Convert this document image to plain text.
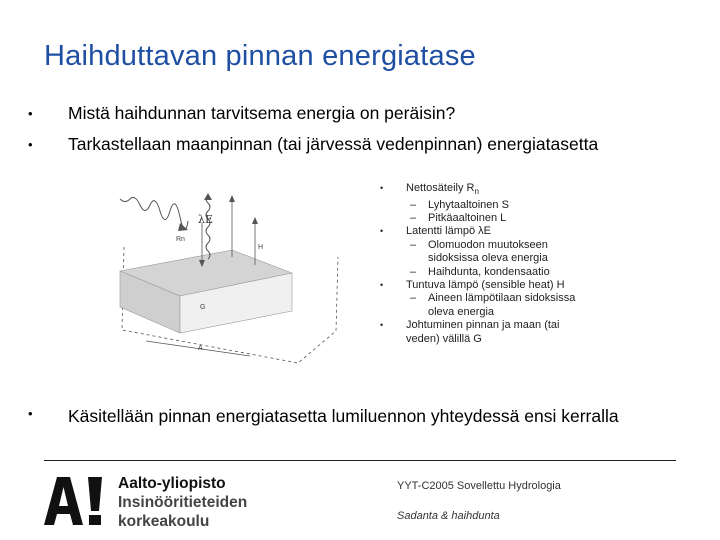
Haihduttavan pinnan energiatase
•	Mistä haihdunnan tarvitsema energia on peräisin?
•	Tarkastellaan maanpinnan (tai järvessä vedenpinnan) energiatasetta
λE
Rn
H
G
A
• Nettosäteily $R_n$
– Lyhytaaltoinen S
– Pitkäaaltoinen L
• Latentti lämpö λE
– Olomuodon muutokseen sidoksissa oleva energia
– Haihdunta, kondensaatio
• Tuntuva lämpö (sensible heat) H
– Aineen lämpötilaan sidoksissa oleva energia
• Johtuminen pinnan ja maan (tai veden) välillä G
•	Käsitellään pinnan energiatasetta lumiluennon yhteydessä ensi kerralla
Aalto-yliopisto
Insinööritieteiden
korkeakoulu
YYT-C2005 Sovellettu Hydrologia
Sadanta & haihdunta
